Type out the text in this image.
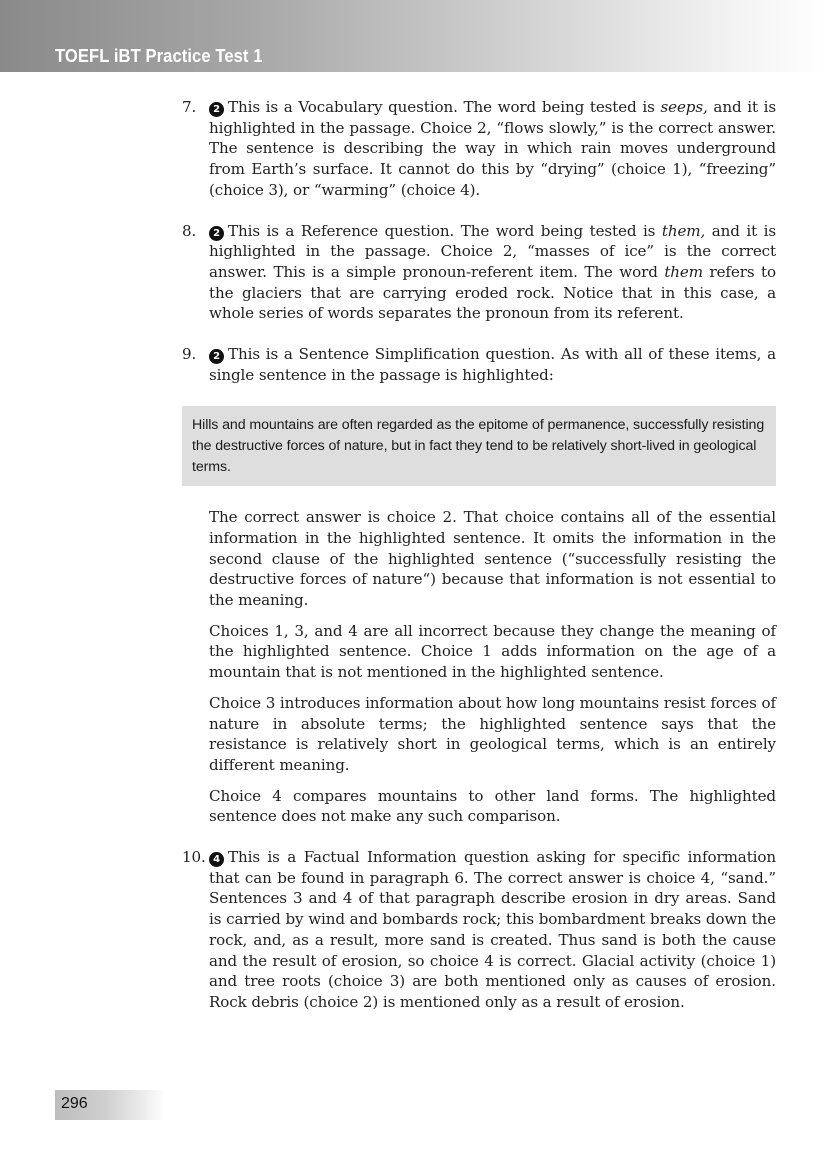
TOEFL iBT Practice Test 1
7.	2 This is a Vocabulary question. The word being tested is seeps, and it is highlighted in the passage. Choice 2, “flows slowly,” is the correct answer. The sentence is describing the way in which rain moves underground from Earth’s surface. It cannot do this by “drying” (choice 1), “freezing” (choice 3), or “warming” (choice 4).
8.	2 This is a Reference question. The word being tested is them, and it is highlighted in the passage. Choice 2, “masses of ice” is the correct answer. This is a simple pronoun-referent item. The word them refers to the glaciers that are carrying eroded rock. Notice that in this case, a whole series of words separates the pronoun from its referent.
9.	2 This is a Sentence Simplification question. As with all of these items, a single sentence in the passage is highlighted:
Hills and mountains are often regarded as the epitome of permanence, successfully resisting the destructive forces of nature, but in fact they tend to be relatively short-lived in geological terms.
The correct answer is choice 2. That choice contains all of the essential information in the highlighted sentence. It omits the information in the second clause of the highlighted sentence (“successfully resisting the destructive forces of nature“) because that information is not essential to the meaning.
Choices 1, 3, and 4 are all incorrect because they change the meaning of the highlighted sentence. Choice 1 adds information on the age of a mountain that is not mentioned in the highlighted sentence.
Choice 3 introduces information about how long mountains resist forces of nature in absolute terms; the highlighted sentence says that the resistance is relatively short in geological terms, which is an entirely different meaning.
Choice 4 compares mountains to other land forms. The highlighted sentence does not make any such comparison.
10. 4 This is a Factual Information question asking for specific information that can be found in paragraph 6. The correct answer is choice 4, “sand.” Sentences 3 and 4 of that paragraph describe erosion in dry areas. Sand is carried by wind and bombards rock; this bombardment breaks down the rock, and, as a result, more sand is created. Thus sand is both the cause and the result of erosion, so choice 4 is correct. Glacial activity (choice 1) and tree roots (choice 3) are both mentioned only as causes of erosion. Rock debris (choice 2) is mentioned only as a result of erosion.
296
